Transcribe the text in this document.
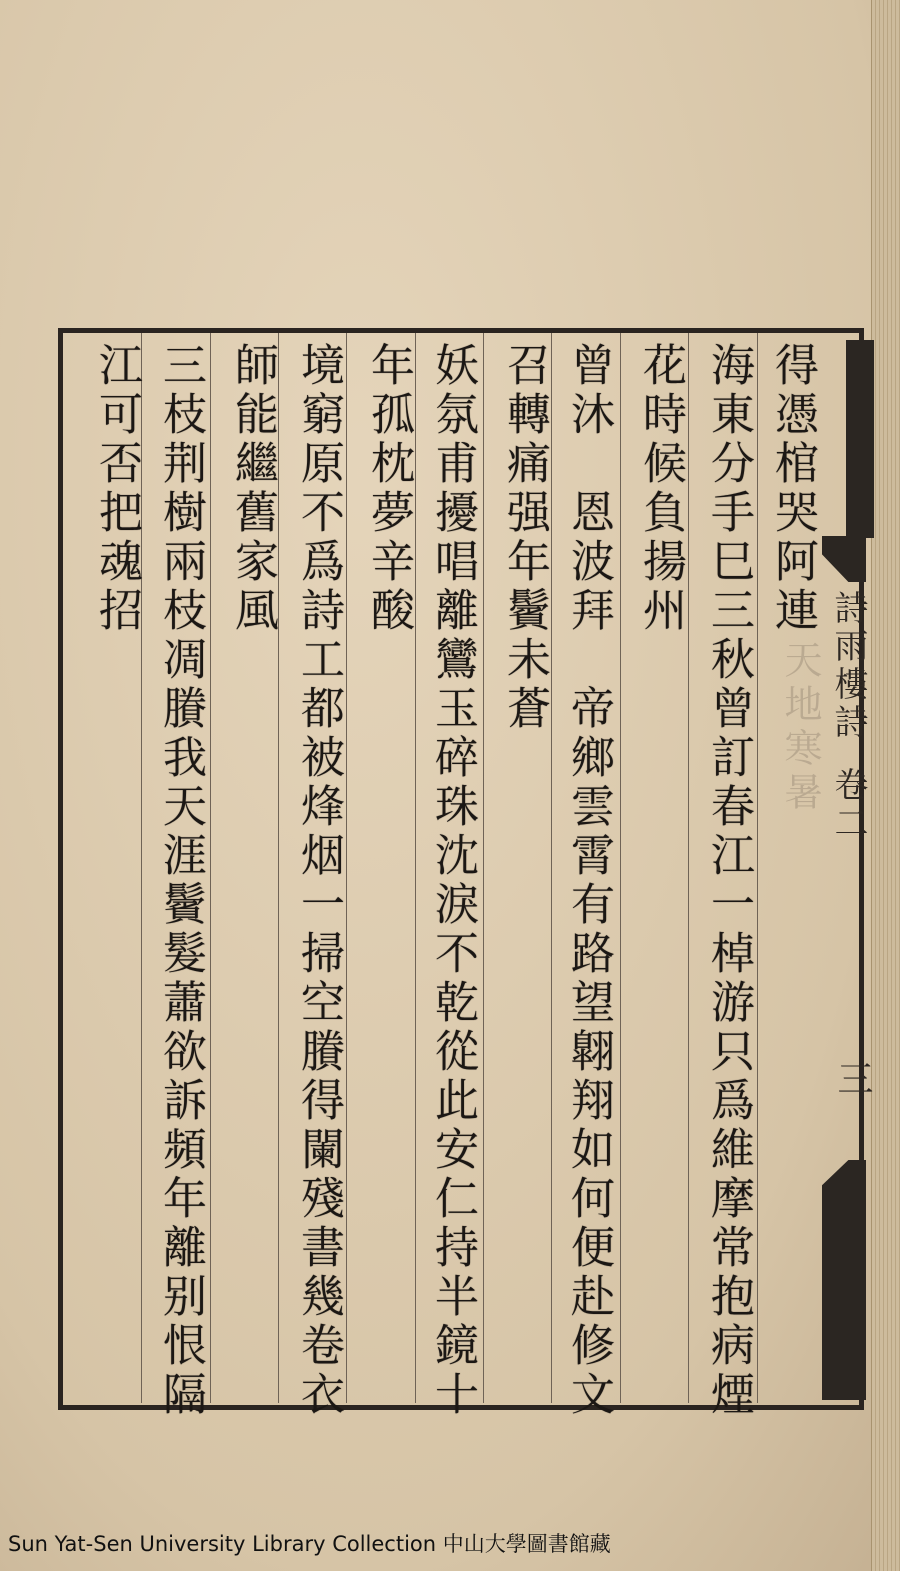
天地寒暑 詩雨樓詩 卷二
三
得憑棺哭阿連
海東分手巳三秋曾訂春江一棹游只爲維摩常抱病煙
花時候負揚州
曾沐　恩波拜　帝鄉雲霄有路望翺翔如何便赴修文
召轉痛强年鬢未蒼
妖氛甫擾唱離鸞玉碎珠沈淚不乾從此安仁持半鏡十
年孤枕夢辛酸
境窮原不爲詩工都被烽烟一掃空賸得闌殘書幾卷衣
師能繼舊家風
三枝荆樹兩枝凋賸我天涯鬢髮蕭欲訴頻年離别恨隔
江可否把魂招
Sun Yat-Sen University Library Collection 中山大學圖書館藏
